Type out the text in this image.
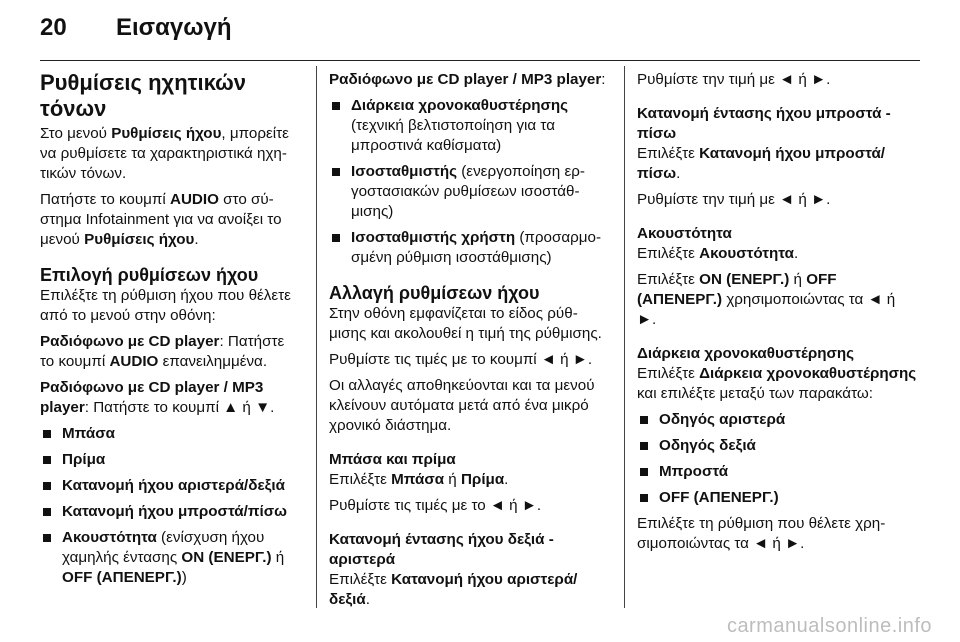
20 Εισαγωγή
Ρυθμίσεις ηχητικών τόνων

Στο μενού Ρυθμίσεις ήχου, μπορείτε να ρυθμίσετε τα χαρακτηριστικά ηχητικών τόνων.

Πατήστε το κουμπί AUDIO στο σύστημα Infotainment για να ανοίξει το μενού Ρυθμίσεις ήχου.

Επιλογή ρυθμίσεων ήχου

Επιλέξτε τη ρύθμιση ήχου που θέλετε από το μενού στην οθόνη:

Ραδιόφωνο με CD player: Πατήστε το κουμπί AUDIO επανειλημμένα.

Ραδιόφωνο με CD player / MP3 player: Πατήστε το κουμπί ▲ ή ▼.

Μπάσα
Πρίμα
Κατανομή ήχου αριστερά/δεξιά
Κατανομή ήχου μπροστά/πίσω
Ακουστότητα (ενίσχυση ήχου χαμηλής έντασης ON (ΕΝΕΡΓ.) ή OFF (ΑΠΕΝΕΡΓ.))

Ραδιόφωνο με CD player / MP3 player:

Διάρκεια χρονοκαθυστέρησης (τεχνική βελτιστοποίηση για τα μπροστινά καθίσματα)
Ισοσταθμιστής (ενεργοποίηση εργοστασιακών ρυθμίσεων ισοστάθμισης)
Ισοσταθμιστής χρήστη (προσαρμοσμένη ρύθμιση ισοστάθμισης)
Αλλαγή ρυθμίσεων ήχου

Στην οθόνη εμφανίζεται το είδος ρύθμισης και ακολουθεί η τιμή της ρύθμισης.

Ρυθμίστε τις τιμές με το κουμπί ◄ ή ►.

Οι αλλαγές αποθηκεύονται και τα μενού κλείνουν αυτόματα μετά από ένα μικρό χρονικό διάστημα.

Μπάσα και πρίμα

Επιλέξτε Μπάσα ή Πρίμα.

Ρυθμίστε τις τιμές με το ◄ ή ►.

Κατανομή έντασης ήχου δεξιά - αριστερά

Επιλέξτε Κατανομή ήχου αριστερά/ δεξιά.

Ρυθμίστε την τιμή με ◄ ή ►.

Κατανομή έντασης ήχου μπροστά - πίσω

Επιλέξτε Κατανομή ήχου μπροστά/ πίσω.

Ρυθμίστε την τιμή με ◄ ή ►.

Ακουστότητα

Επιλέξτε Ακουστότητα.

Επιλέξτε ON (ΕΝΕΡΓ.) ή OFF (ΑΠΕΝΕΡΓ.) χρησιμοποιώντας τα ◄ ή ►.

Διάρκεια χρονοκαθυστέρησης

Επιλέξτε Διάρκεια χρονοκαθυστέρησης και επιλέξτε μεταξύ των παρακάτω:

Οδηγός αριστερά
Οδηγός δεξιά
Μπροστά
OFF (ΑΠΕΝΕΡΓ.)

Επιλέξτε τη ρύθμιση που θέλετε χρησιμοποιώντας τα ◄ ή ►.

carmanualsonline.info
